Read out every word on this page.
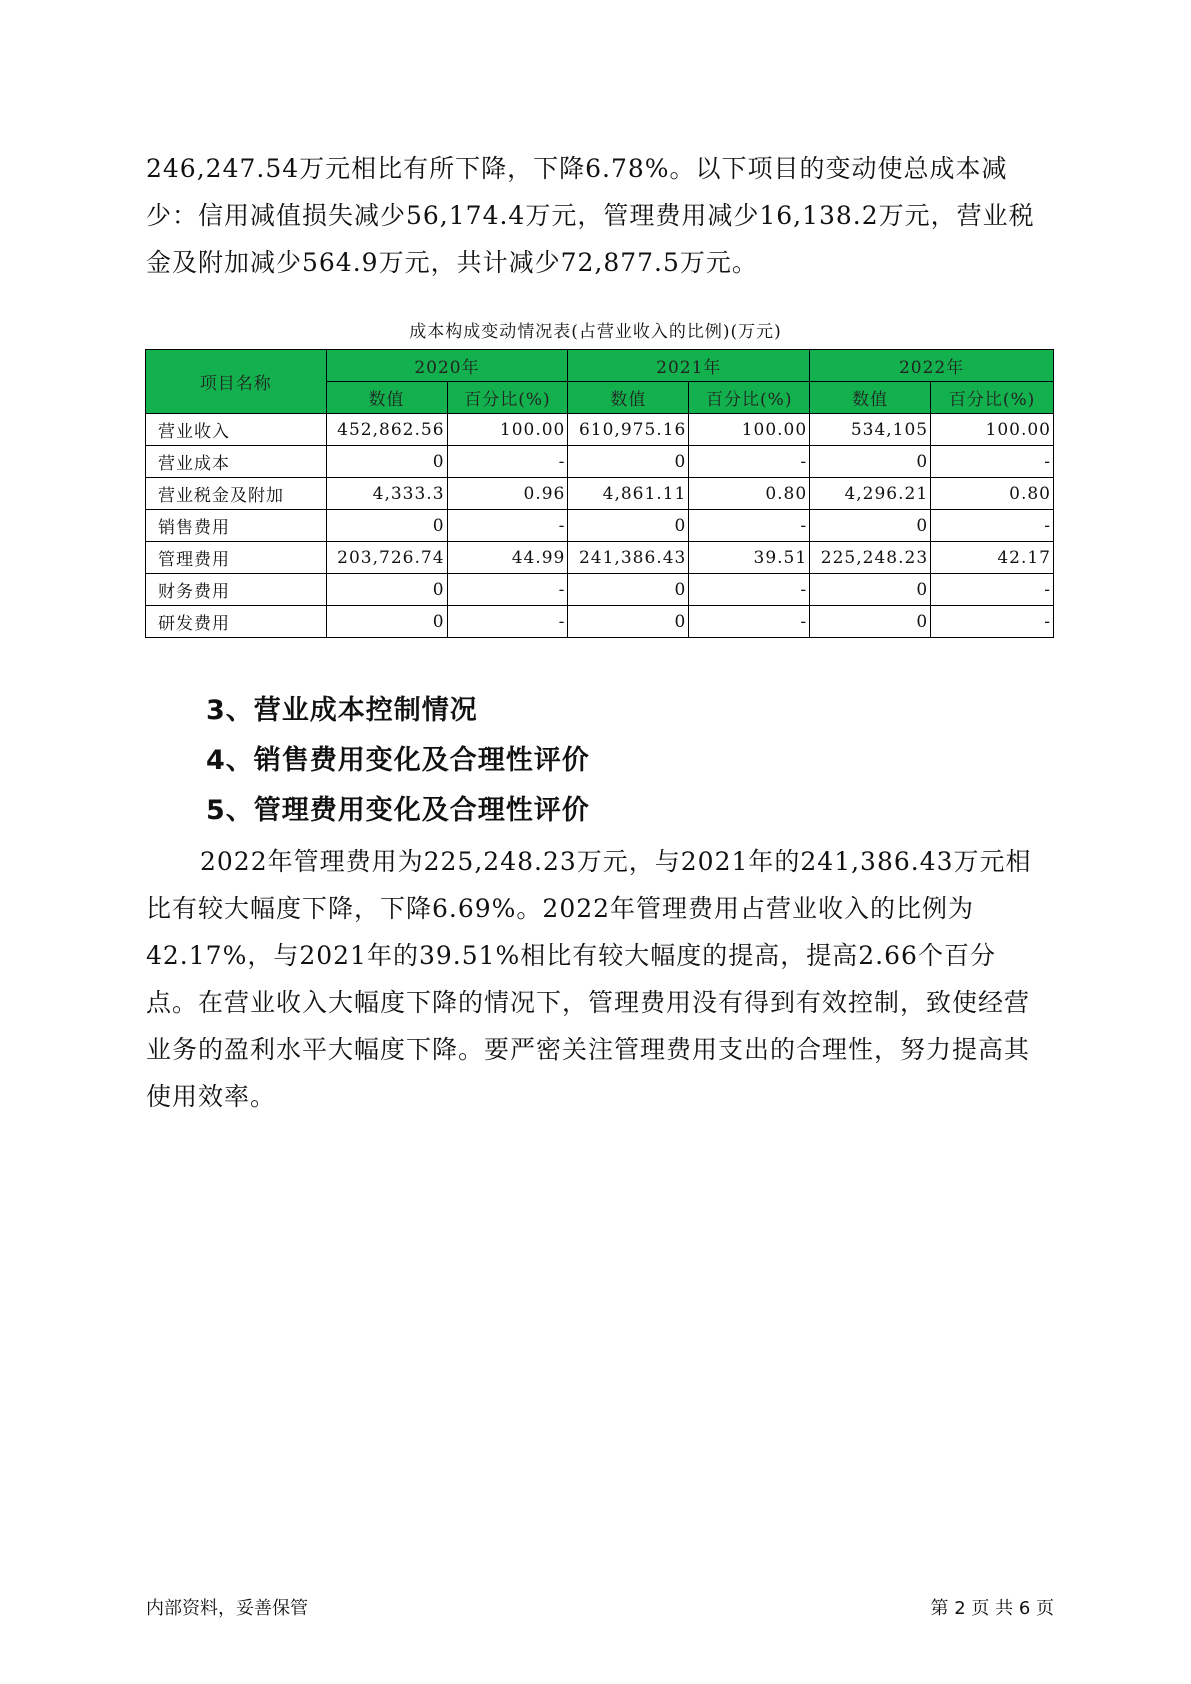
246,247.54万元相比有所下降，下降6.78%。以下项目的变动使总成本减少：信用减值损失减少56,174.4万元，管理费用减少16,138.2万元，营业税金及附加减少564.9万元，共计减少72,877.5万元。

成本构成变动情况表(占营业收入的比例)(万元)
项目名称	2020年		2021年		2022年	
	数值	百分比(%)	数值	百分比(%)	数值	百分比(%)
营业收入	452,862.56	100.00	610,975.16	100.00	534,105	100.00
营业成本	0	-	0	-	0	-
营业税金及附加	4,333.3	0.96	4,861.11	0.80	4,296.21	0.80
销售费用	0	-	0	-	0	-
管理费用	203,726.74	44.99	241,386.43	39.51	225,248.23	42.17
财务费用	0	-	0	-	0	-
研发费用	0	-	0	-	0	-
3、营业成本控制情况
4、销售费用变化及合理性评价
5、管理费用变化及合理性评价

2022年管理费用为225,248.23万元，与2021年的241,386.43万元相比有较大幅度下降，下降6.69%。2022年管理费用占营业收入的比例为42.17%，与2021年的39.51%相比有较大幅度的提高，提高2.66个百分点。在营业收入大幅度下降的情况下，管理费用没有得到有效控制，致使经营业务的盈利水平大幅度下降。要严密关注管理费用支出的合理性，努力提高其使用效率。

内部资料，妥善保管	第 2 页 共 6 页
